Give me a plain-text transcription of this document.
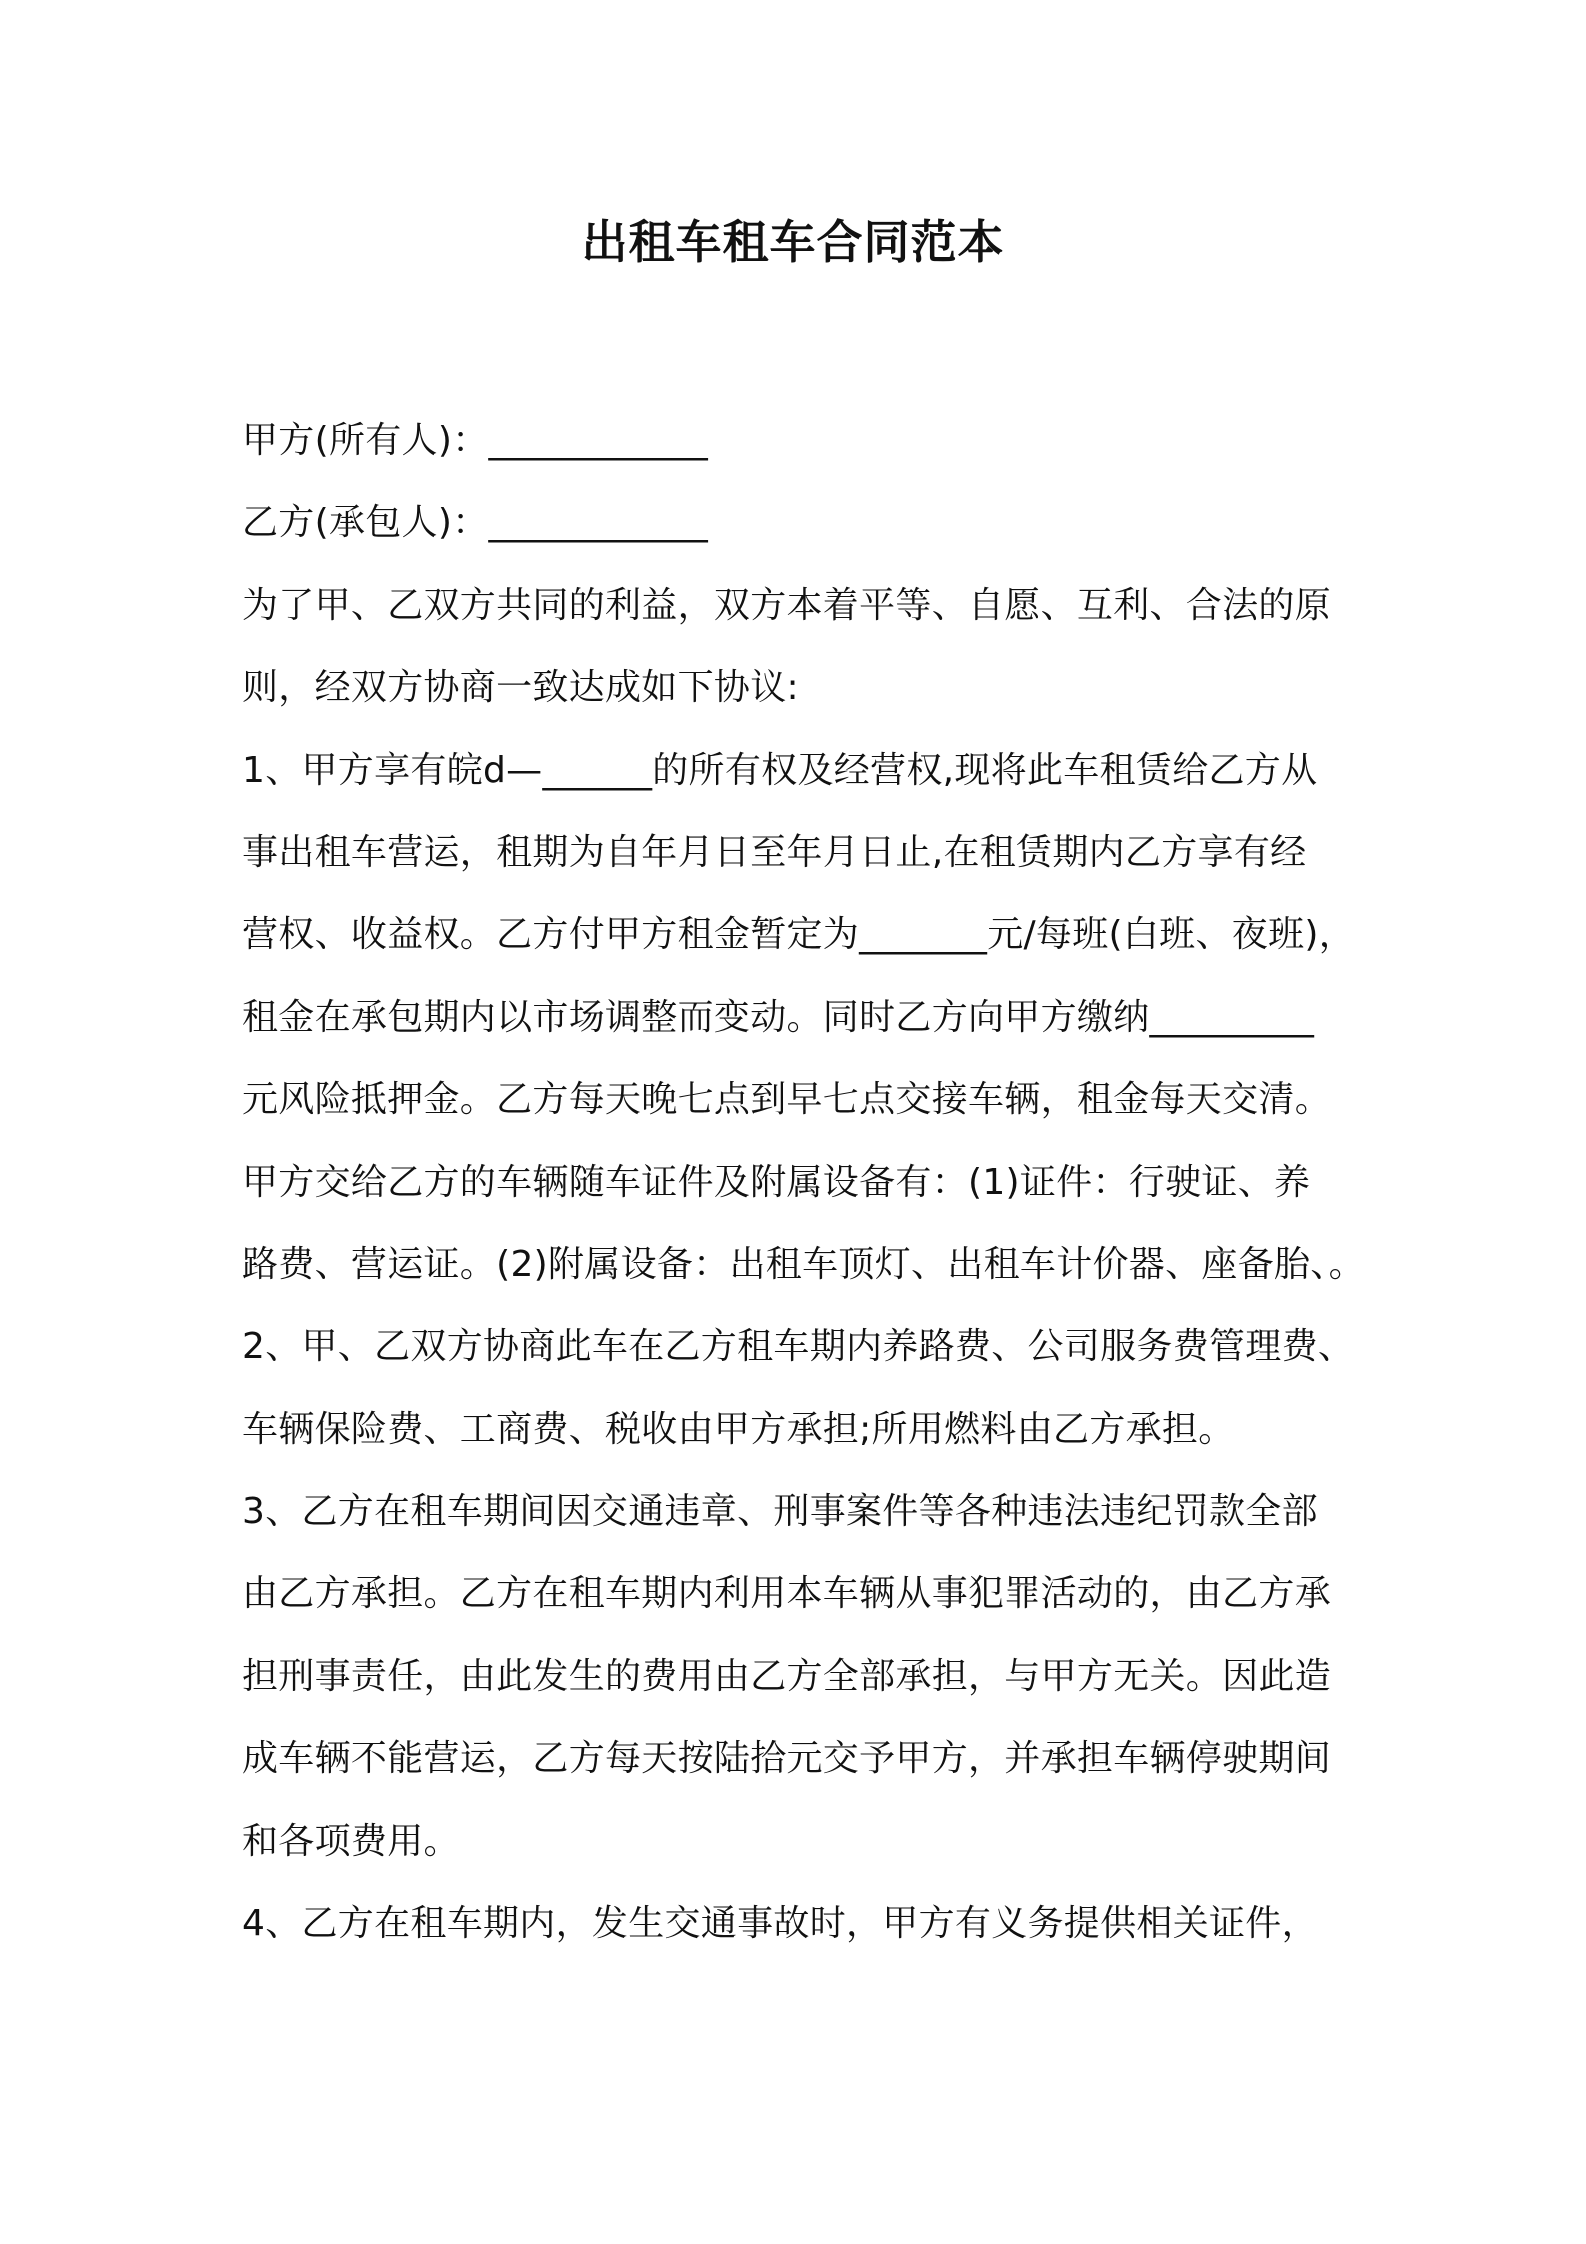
出租车租车合同范本
甲方(所有人)：____________
乙方(承包人)：____________
为了甲、乙双方共同的利益，双方本着平等、自愿、互利、合法的原
则，经双方协商一致达成如下协议:
1、甲方享有皖d—______的所有权及经营权,现将此车租赁给乙方从
事出租车营运，租期为自年月日至年月日止,在租赁期内乙方享有经
营权、收益权。乙方付甲方租金暂定为_______元/每班(白班、夜班)，
租金在承包期内以市场调整而变动。同时乙方向甲方缴纳_________
元风险抵押金。乙方每天晚七点到早七点交接车辆，租金每天交清。
甲方交给乙方的车辆随车证件及附属设备有：(1)证件：行驶证、养
路费、营运证。(2)附属设备：出租车顶灯、出租车计价器、座备胎、。
2、甲、乙双方协商此车在乙方租车期内养路费、公司服务费管理费、
车辆保险费、工商费、税收由甲方承担;所用燃料由乙方承担。
3、乙方在租车期间因交通违章、刑事案件等各种违法违纪罚款全部
由乙方承担。乙方在租车期内利用本车辆从事犯罪活动的，由乙方承
担刑事责任，由此发生的费用由乙方全部承担，与甲方无关。因此造
成车辆不能营运，乙方每天按陆拾元交予甲方，并承担车辆停驶期间
和各项费用。
4、乙方在租车期内，发生交通事故时，甲方有义务提供相关证件，
